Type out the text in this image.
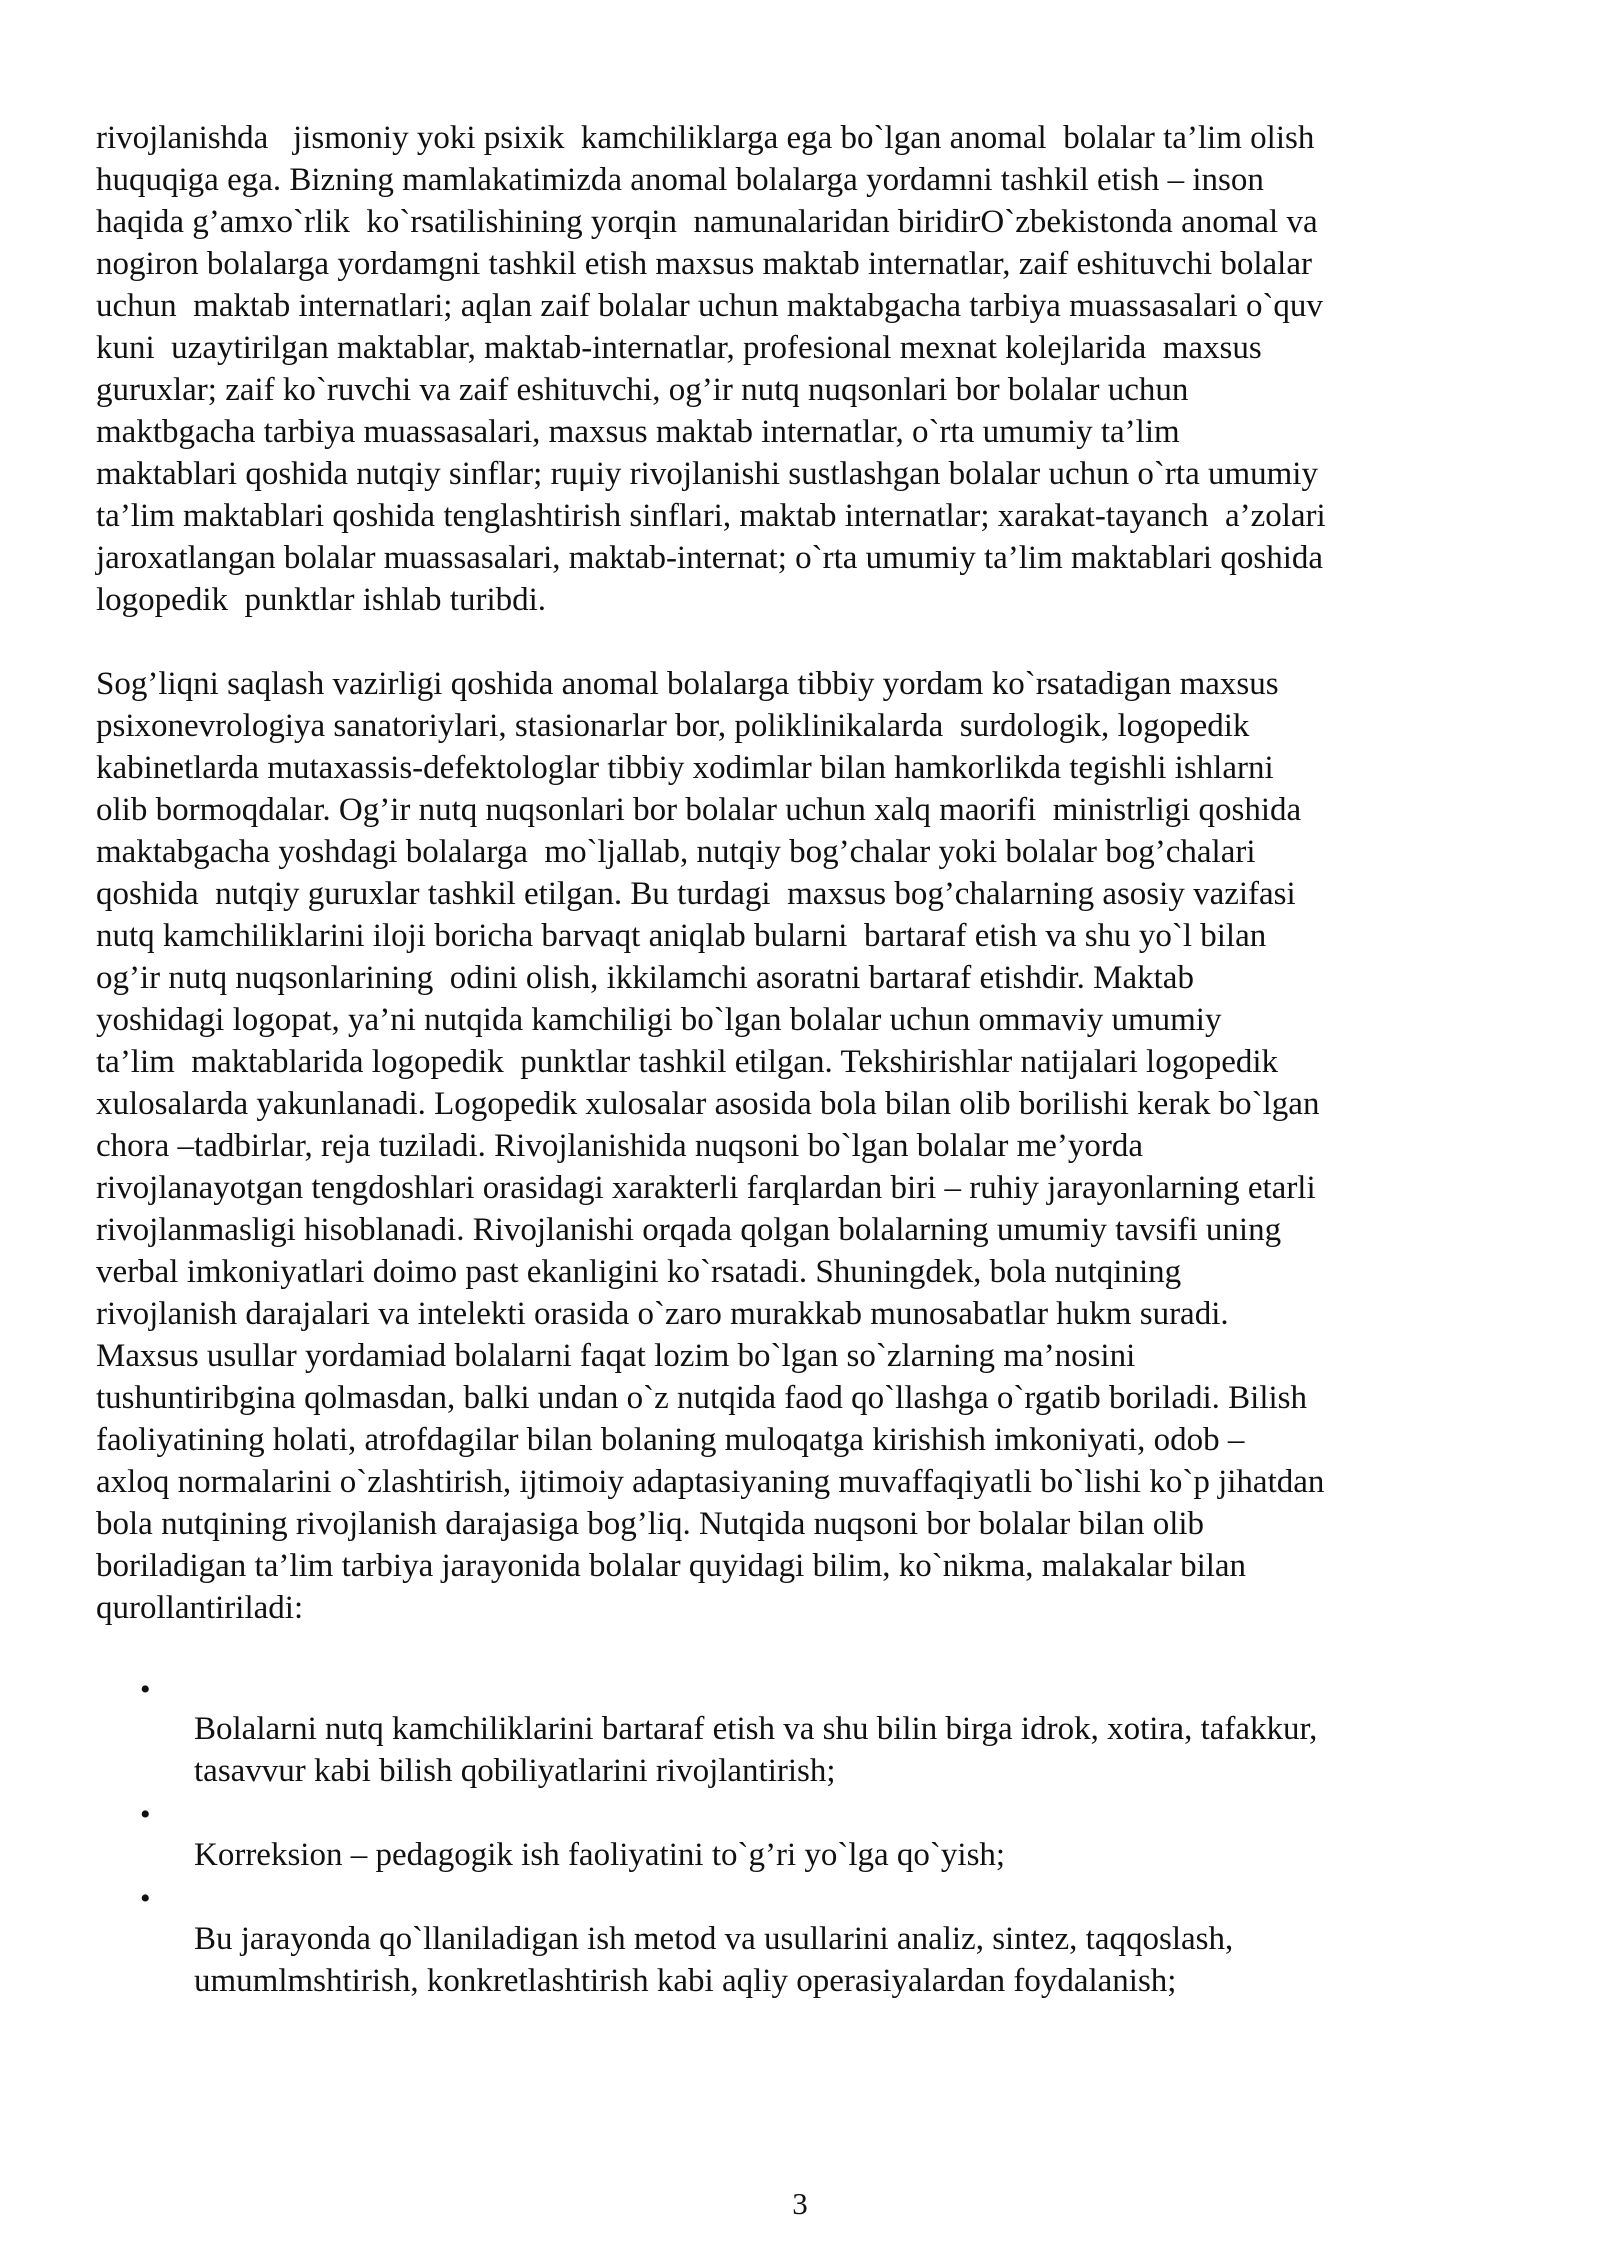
rivojlanishda   jismoniy yoki psixik  kamchiliklarga ega bo`lgan anomal  bolalar ta’lim olish
huquqiga ega. Bizning mamlakatimizda anomal bolalarga yordamni tashkil etish – inson
haqida g’amxo`rlik  ko`rsatilishining yorqin  namunalaridan biridirO`zbekistonda anomal va
nogiron bolalarga yordamgni tashkil etish maxsus maktab internatlar, zaif eshituvchi bolalar
uchun  maktab internatlari; aqlan zaif bolalar uchun maktabgacha tarbiya muassasalari o`quv
kuni  uzaytirilgan maktablar, maktab-internatlar, profesional mexnat kolejlarida  maxsus
guruxlar; zaif ko`ruvchi va zaif eshituvchi, og’ir nutq nuqsonlari bor bolalar uchun
maktbgacha tarbiya muassasalari, maxsus maktab internatlar, o`rta umumiy ta’lim
maktablari qoshida nutqiy sinflar; ruμiy rivojlanishi sustlashgan bolalar uchun o`rta umumiy
ta’lim maktablari qoshida tenglashtirish sinflari, maktab internatlar; xarakat-tayanch  a’zolari
jaroxatlangan bolalar muassasalari, maktab-internat; o`rta umumiy ta’lim maktablari qoshida
logopedik  punktlar ishlab turibdi.
Sog’liqni saqlash vazirligi qoshida anomal bolalarga tibbiy yordam ko`rsatadigan maxsus
psixonevrologiya sanatoriylari, stasionarlar bor, poliklinikalarda  surdologik, logopedik
kabinetlarda mutaxassis-defektologlar tibbiy xodimlar bilan hamkorlikda tegishli ishlarni
olib bormoqdalar. Og’ir nutq nuqsonlari bor bolalar uchun xalq maorifi  ministrligi qoshida
maktabgacha yoshdagi bolalarga  mo`ljallab, nutqiy bog’chalar yoki bolalar bog’chalari
qoshida  nutqiy guruxlar tashkil etilgan. Bu turdagi  maxsus bog’chalarning asosiy vazifasi
nutq kamchiliklarini iloji boricha barvaqt aniqlab bularni  bartaraf etish va shu yo`l bilan
og’ir nutq nuqsonlarining  odini olish, ikkilamchi asoratni bartaraf etishdir. Maktab
yoshidagi logopat, ya’ni nutqida kamchiligi bo`lgan bolalar uchun ommaviy umumiy
ta’lim  maktablarida logopedik  punktlar tashkil etilgan. Tekshirishlar natijalari logopedik
xulosalarda yakunlanadi. Logopedik xulosalar asosida bola bilan olib borilishi kerak bo`lgan
chora –tadbirlar, reja tuziladi. Rivojlanishida nuqsoni bo`lgan bolalar me’yorda
rivojlanayotgan tengdoshlari orasidagi xarakterli farqlardan biri – ruhiy jarayonlarning etarli
rivojlanmasligi hisoblanadi. Rivojlanishi orqada qolgan bolalarning umumiy tavsifi uning
verbal imkoniyatlari doimo past ekanligini ko`rsatadi. Shuningdek, bola nutqining
rivojlanish darajalari va intelekti orasida o`zaro murakkab munosabatlar hukm suradi.
Maxsus usullar yordamiad bolalarni faqat lozim bo`lgan so`zlarning ma’nosini
tushuntiribgina qolmasdan, balki undan o`z nutqida faod qo`llashga o`rgatib boriladi. Bilish
faoliyatining holati, atrofdagilar bilan bolaning muloqatga kirishish imkoniyati, odob –
axloq normalarini o`zlashtirish, ijtimoiy adaptasiyaning muvaffaqiyatli bo`lishi ko`p jihatdan
bola nutqining rivojlanish darajasiga bog’liq. Nutqida nuqsoni bor bolalar bilan olib
boriladigan ta’lim tarbiya jarayonida bolalar quyidagi bilim, ko`nikma, malakalar bilan
qurollantiriladi:
•
Bolalarni nutq kamchiliklarini bartaraf etish va shu bilin birga idrok, xotira, tafakkur,
tasavvur kabi bilish qobiliyatlarini rivojlantirish;
•
Korreksion – pedagogik ish faoliyatini to`g’ri yo`lga qo`yish;
•
Bu jarayonda qo`llaniladigan ish metod va usullarini analiz, sintez, taqqoslash,
umumlmshtirish, konkretlashtirish kabi aqliy operasiyalardan foydalanish;
3
